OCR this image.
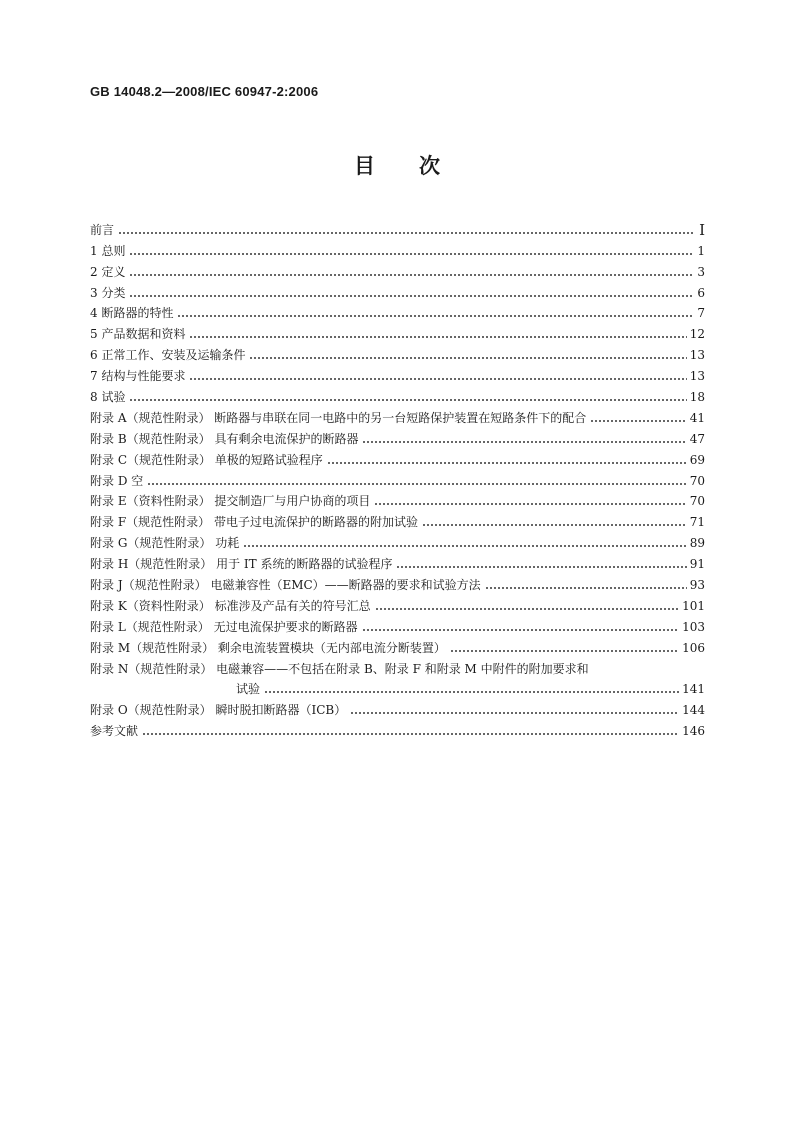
GB 14048.2—2008/IEC 60947-2:2006
目次
前言	Ⅰ
1 总则	1
2 定义	3
3 分类	6
4 断路器的特性	7
5 产品数据和资料	12
6 正常工作、安装及运输条件	13
7 结构与性能要求	13
8 试验	18
附录 A（规范性附录） 断路器与串联在同一电路中的另一台短路保护装置在短路条件下的配合	41
附录 B（规范性附录） 具有剩余电流保护的断路器	47
附录 C（规范性附录） 单极的短路试验程序	69
附录 D 空	70
附录 E（资料性附录） 提交制造厂与用户协商的项目	70
附录 F（规范性附录） 带电子过电流保护的断路器的附加试验	71
附录 G（规范性附录） 功耗	89
附录 H（规范性附录） 用于 IT 系统的断路器的试验程序	91
附录 J（规范性附录） 电磁兼容性（EMC）——断路器的要求和试验方法	93
附录 K（资料性附录） 标准涉及产品有关的符号汇总	101
附录 L（规范性附录） 无过电流保护要求的断路器	103
附录 M（规范性附录） 剩余电流装置模块（无内部电流分断装置）	106
附录 N（规范性附录） 电磁兼容——不包括在附录 B、附录 F 和附录 M 中附件的附加要求和
试验	141
附录 O（规范性附录） 瞬时脱扣断路器（ICB）	144
参考文献	146
